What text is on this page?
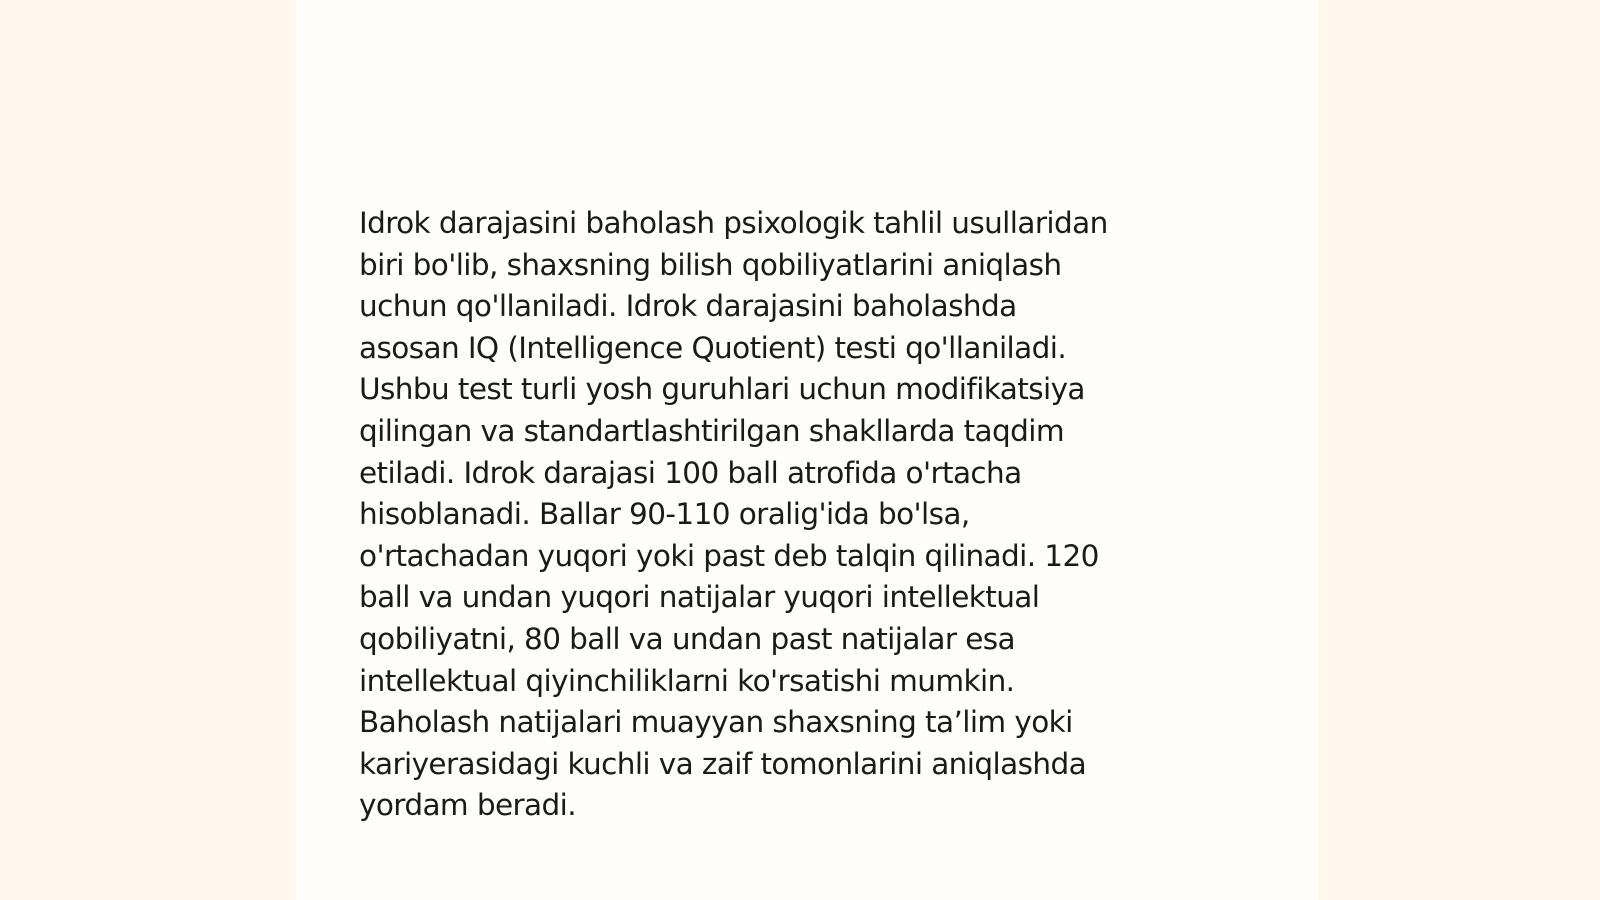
Idrok darajasini baholash psixologik tahlil usullaridan
biri bo'lib, shaxsning bilish qobiliyatlarini aniqlash
uchun qo'llaniladi. Idrok darajasini baholashda
asosan IQ (Intelligence Quotient) testi qo'llaniladi.
Ushbu test turli yosh guruhlari uchun modifikatsiya
qilingan va standartlashtirilgan shakllarda taqdim
etiladi. Idrok darajasi 100 ball atrofida o'rtacha
hisoblanadi. Ballar 90-110 oralig'ida bo'lsa,
o'rtachadan yuqori yoki past deb talqin qilinadi. 120
ball va undan yuqori natijalar yuqori intellektual
qobiliyatni, 80 ball va undan past natijalar esa
intellektual qiyinchiliklarni ko'rsatishi mumkin.
Baholash natijalari muayyan shaxsning ta’lim yoki
kariyerasidagi kuchli va zaif tomonlarini aniqlashda
yordam beradi.
